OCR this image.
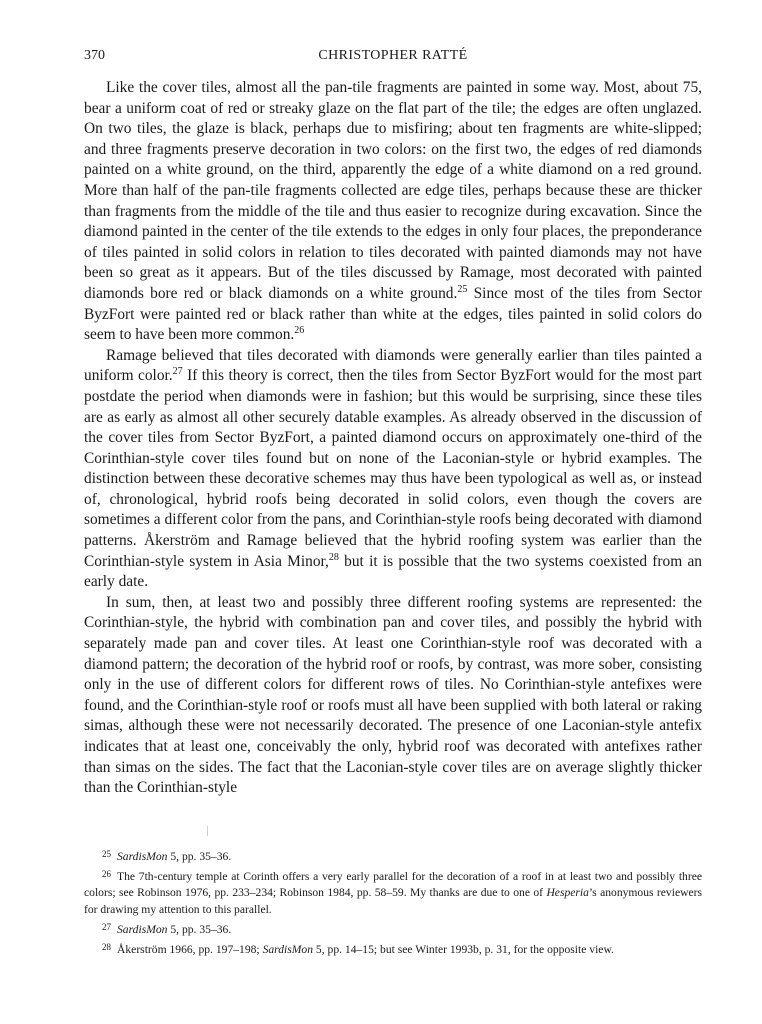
370	CHRISTOPHER RATTÉ

Like the cover tiles, almost all the pan-tile fragments are painted in some way. Most, about 75, bear a uniform coat of red or streaky glaze on the flat part of the tile; the edges are often unglazed. On two tiles, the glaze is black, perhaps due to misfiring; about ten fragments are white-slipped; and three fragments preserve decoration in two colors: on the first two, the edges of red diamonds painted on a white ground, on the third, apparently the edge of a white diamond on a red ground. More than half of the pan-tile fragments collected are edge tiles, perhaps because these are thicker than fragments from the middle of the tile and thus easier to recognize during excavation. Since the diamond painted in the center of the tile extends to the edges in only four places, the preponderance of tiles painted in solid colors in relation to tiles decorated with painted diamonds may not have been so great as it appears. But of the tiles discussed by Ramage, most decorated with painted diamonds bore red or black diamonds on a white ground.$^{25}$ Since most of the tiles from Sector ByzFort were painted red or black rather than white at the edges, tiles painted in solid colors do seem to have been more common.$^{26}$

Ramage believed that tiles decorated with diamonds were generally earlier than tiles painted a uniform color.$^{27}$ If this theory is correct, then the tiles from Sector ByzFort would for the most part postdate the period when diamonds were in fashion; but this would be surprising, since these tiles are as early as almost all other securely datable examples. As already observed in the discussion of the cover tiles from Sector ByzFort, a painted diamond occurs on approximately one-third of the Corinthian-style cover tiles found but on none of the Laconian-style or hybrid examples. The distinction between these decorative schemes may thus have been typological as well as, or instead of, chronological, hybrid roofs being decorated in solid colors, even though the covers are sometimes a different color from the pans, and Corinthian-style roofs being decorated with diamond patterns. Åkerström and Ramage believed that the hybrid roofing system was earlier than the Corinthian-style system in Asia Minor,$^{28}$ but it is possible that the two systems coexisted from an early date.

In sum, then, at least two and possibly three different roofing systems are represented: the Corinthian-style, the hybrid with combination pan and cover tiles, and possibly the hybrid with separately made pan and cover tiles. At least one Corinthian-style roof was decorated with a diamond pattern; the decoration of the hybrid roof or roofs, by contrast, was more sober, consisting only in the use of different colors for different rows of tiles. No Corinthian-style antefixes were found, and the Corinthian-style roof or roofs must all have been supplied with both lateral or raking simas, although these were not necessarily decorated. The presence of one Laconian-style antefix indicates that at least one, conceivably the only, hybrid roof was decorated with antefixes rather than simas on the sides. The fact that the Laconian-style cover tiles are on average slightly thicker than the Corinthian-style

$^{25}$ SardisMon 5, pp. 35–36.

$^{26}$ The 7th-century temple at Corinth offers a very early parallel for the decoration of a roof in at least two and possibly three colors; see Robinson 1976, pp. 233–234; Robinson 1984, pp. 58–59. My thanks are due to one of Hesperia’s anonymous reviewers for drawing my attention to this parallel.

$^{27}$ SardisMon 5, pp. 35–36.

$^{28}$ Åkerström 1966, pp. 197–198; SardisMon 5, pp. 14–15; but see Winter 1993b, p. 31, for the opposite view.
